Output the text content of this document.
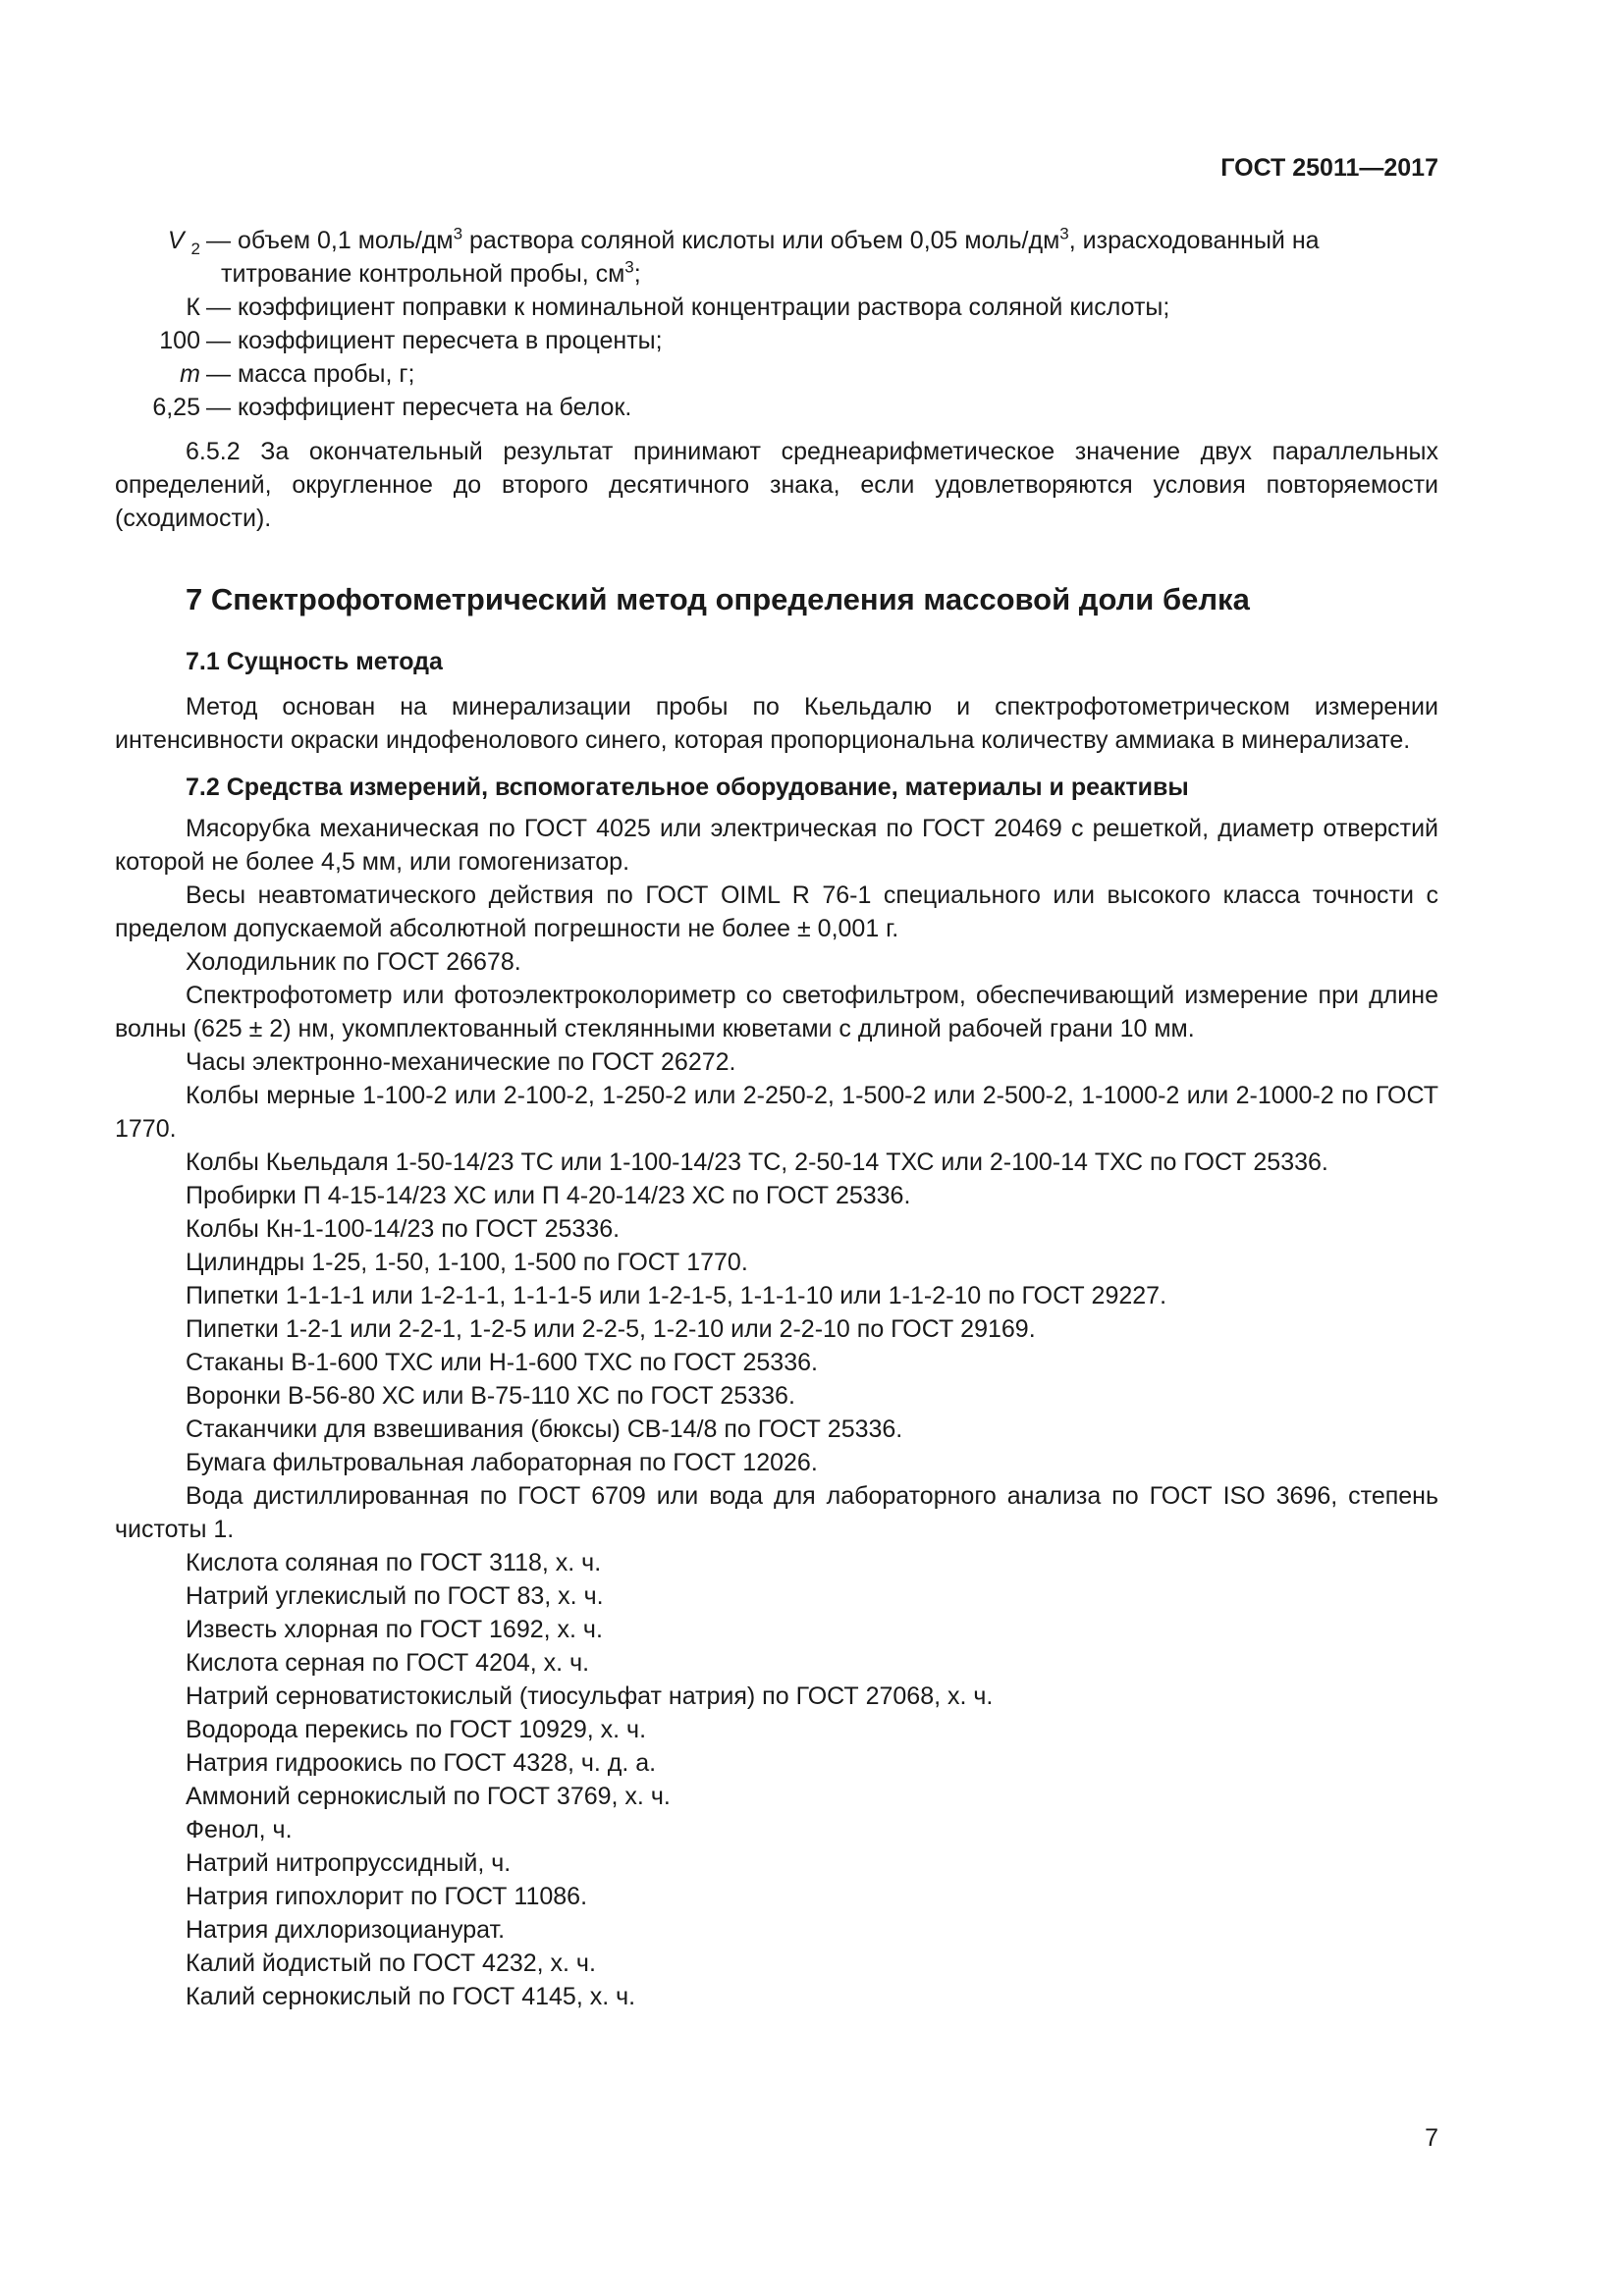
ГОСТ 25011—2017
V $_2$ — объем 0,1 моль/$дм^3$ раствора соляной кислоты или объем 0,05 моль/$дм^3$, израсходованный на
титрование контрольной пробы, $см^3$;
К — коэффициент поправки к номинальной концентрации раствора соляной кислоты;
100 — коэффициент пересчета в проценты;
m — масса пробы, г;
6,25 — коэффициент пересчета на белок.

6.5.2 За окончательный результат принимают среднеарифметическое значение двух параллельных определений, округленное до второго десятичного знака, если удовлетворяются условия повторяемости (сходимости).

7 Спектрофотометрический метод определения массовой доли белка
7.1 Сущность метода

Метод основан на минерализации пробы по Кьельдалю и спектрофотометрическом измерении интенсивности окраски индофенолового синего, которая пропорциональна количеству аммиака в минерализате.

7.2 Средства измерений, вспомогательное оборудование, материалы и реактивы

Мясорубка механическая по ГОСТ 4025 или электрическая по ГОСТ 20469 с решеткой, диаметр отверстий которой не более 4,5 мм, или гомогенизатор.

Весы неавтоматического действия по ГОСТ OIML R 76-1 специального или высокого класса точности с пределом допускаемой абсолютной погрешности не более ± 0,001 г.

Холодильник по ГОСТ 26678.

Спектрофотометр или фотоэлектроколориметр со светофильтром, обеспечивающий измерение при длине волны (625 ± 2) нм, укомплектованный стеклянными кюветами с длиной рабочей грани 10 мм.

Часы электронно-механические по ГОСТ 26272.

Колбы мерные 1-100-2 или 2-100-2, 1-250-2 или 2-250-2, 1-500-2 или 2-500-2, 1-1000-2 или 2-1000-2 по ГОСТ 1770.

Колбы Кьельдаля 1-50-14/23 ТС или 1-100-14/23 ТС, 2-50-14 ТХС или 2-100-14 ТХС по ГОСТ 25336.

Пробирки П 4-15-14/23 ХС или П 4-20-14/23 ХС по ГОСТ 25336.

Колбы Кн-1-100-14/23 по ГОСТ 25336.

Цилиндры 1-25, 1-50, 1-100, 1-500 по ГОСТ 1770.

Пипетки 1-1-1-1 или 1-2-1-1, 1-1-1-5 или 1-2-1-5, 1-1-1-10 или 1-1-2-10 по ГОСТ 29227.

Пипетки 1-2-1 или 2-2-1, 1-2-5 или 2-2-5, 1-2-10 или 2-2-10 по ГОСТ 29169.

Стаканы В-1-600 ТХС или Н-1-600 ТХС по ГОСТ 25336.

Воронки В-56-80 ХС или В-75-110 ХС по ГОСТ 25336.

Стаканчики для взвешивания (бюксы) СВ-14/8 по ГОСТ 25336.

Бумага фильтровальная лабораторная по ГОСТ 12026.

Вода дистиллированная по ГОСТ 6709 или вода для лабораторного анализа по ГОСТ ISO 3696, степень чистоты 1.

Кислота соляная по ГОСТ 3118, х. ч.

Натрий углекислый по ГОСТ 83, х. ч.

Известь хлорная по ГОСТ 1692, х. ч.

Кислота серная по ГОСТ 4204, х. ч.

Натрий серноватистокислый (тиосульфат натрия) по ГОСТ 27068, х. ч.

Водорода перекись по ГОСТ 10929, х. ч.

Натрия гидроокись по ГОСТ 4328, ч. д. а.

Аммоний сернокислый по ГОСТ 3769, х. ч.

Фенол, ч.

Натрий нитропруссидный, ч.

Натрия гипохлорит по ГОСТ 11086.

Натрия дихлоризоцианурат.

Калий йодистый по ГОСТ 4232, х. ч.

Калий сернокислый по ГОСТ 4145, х. ч.

7
